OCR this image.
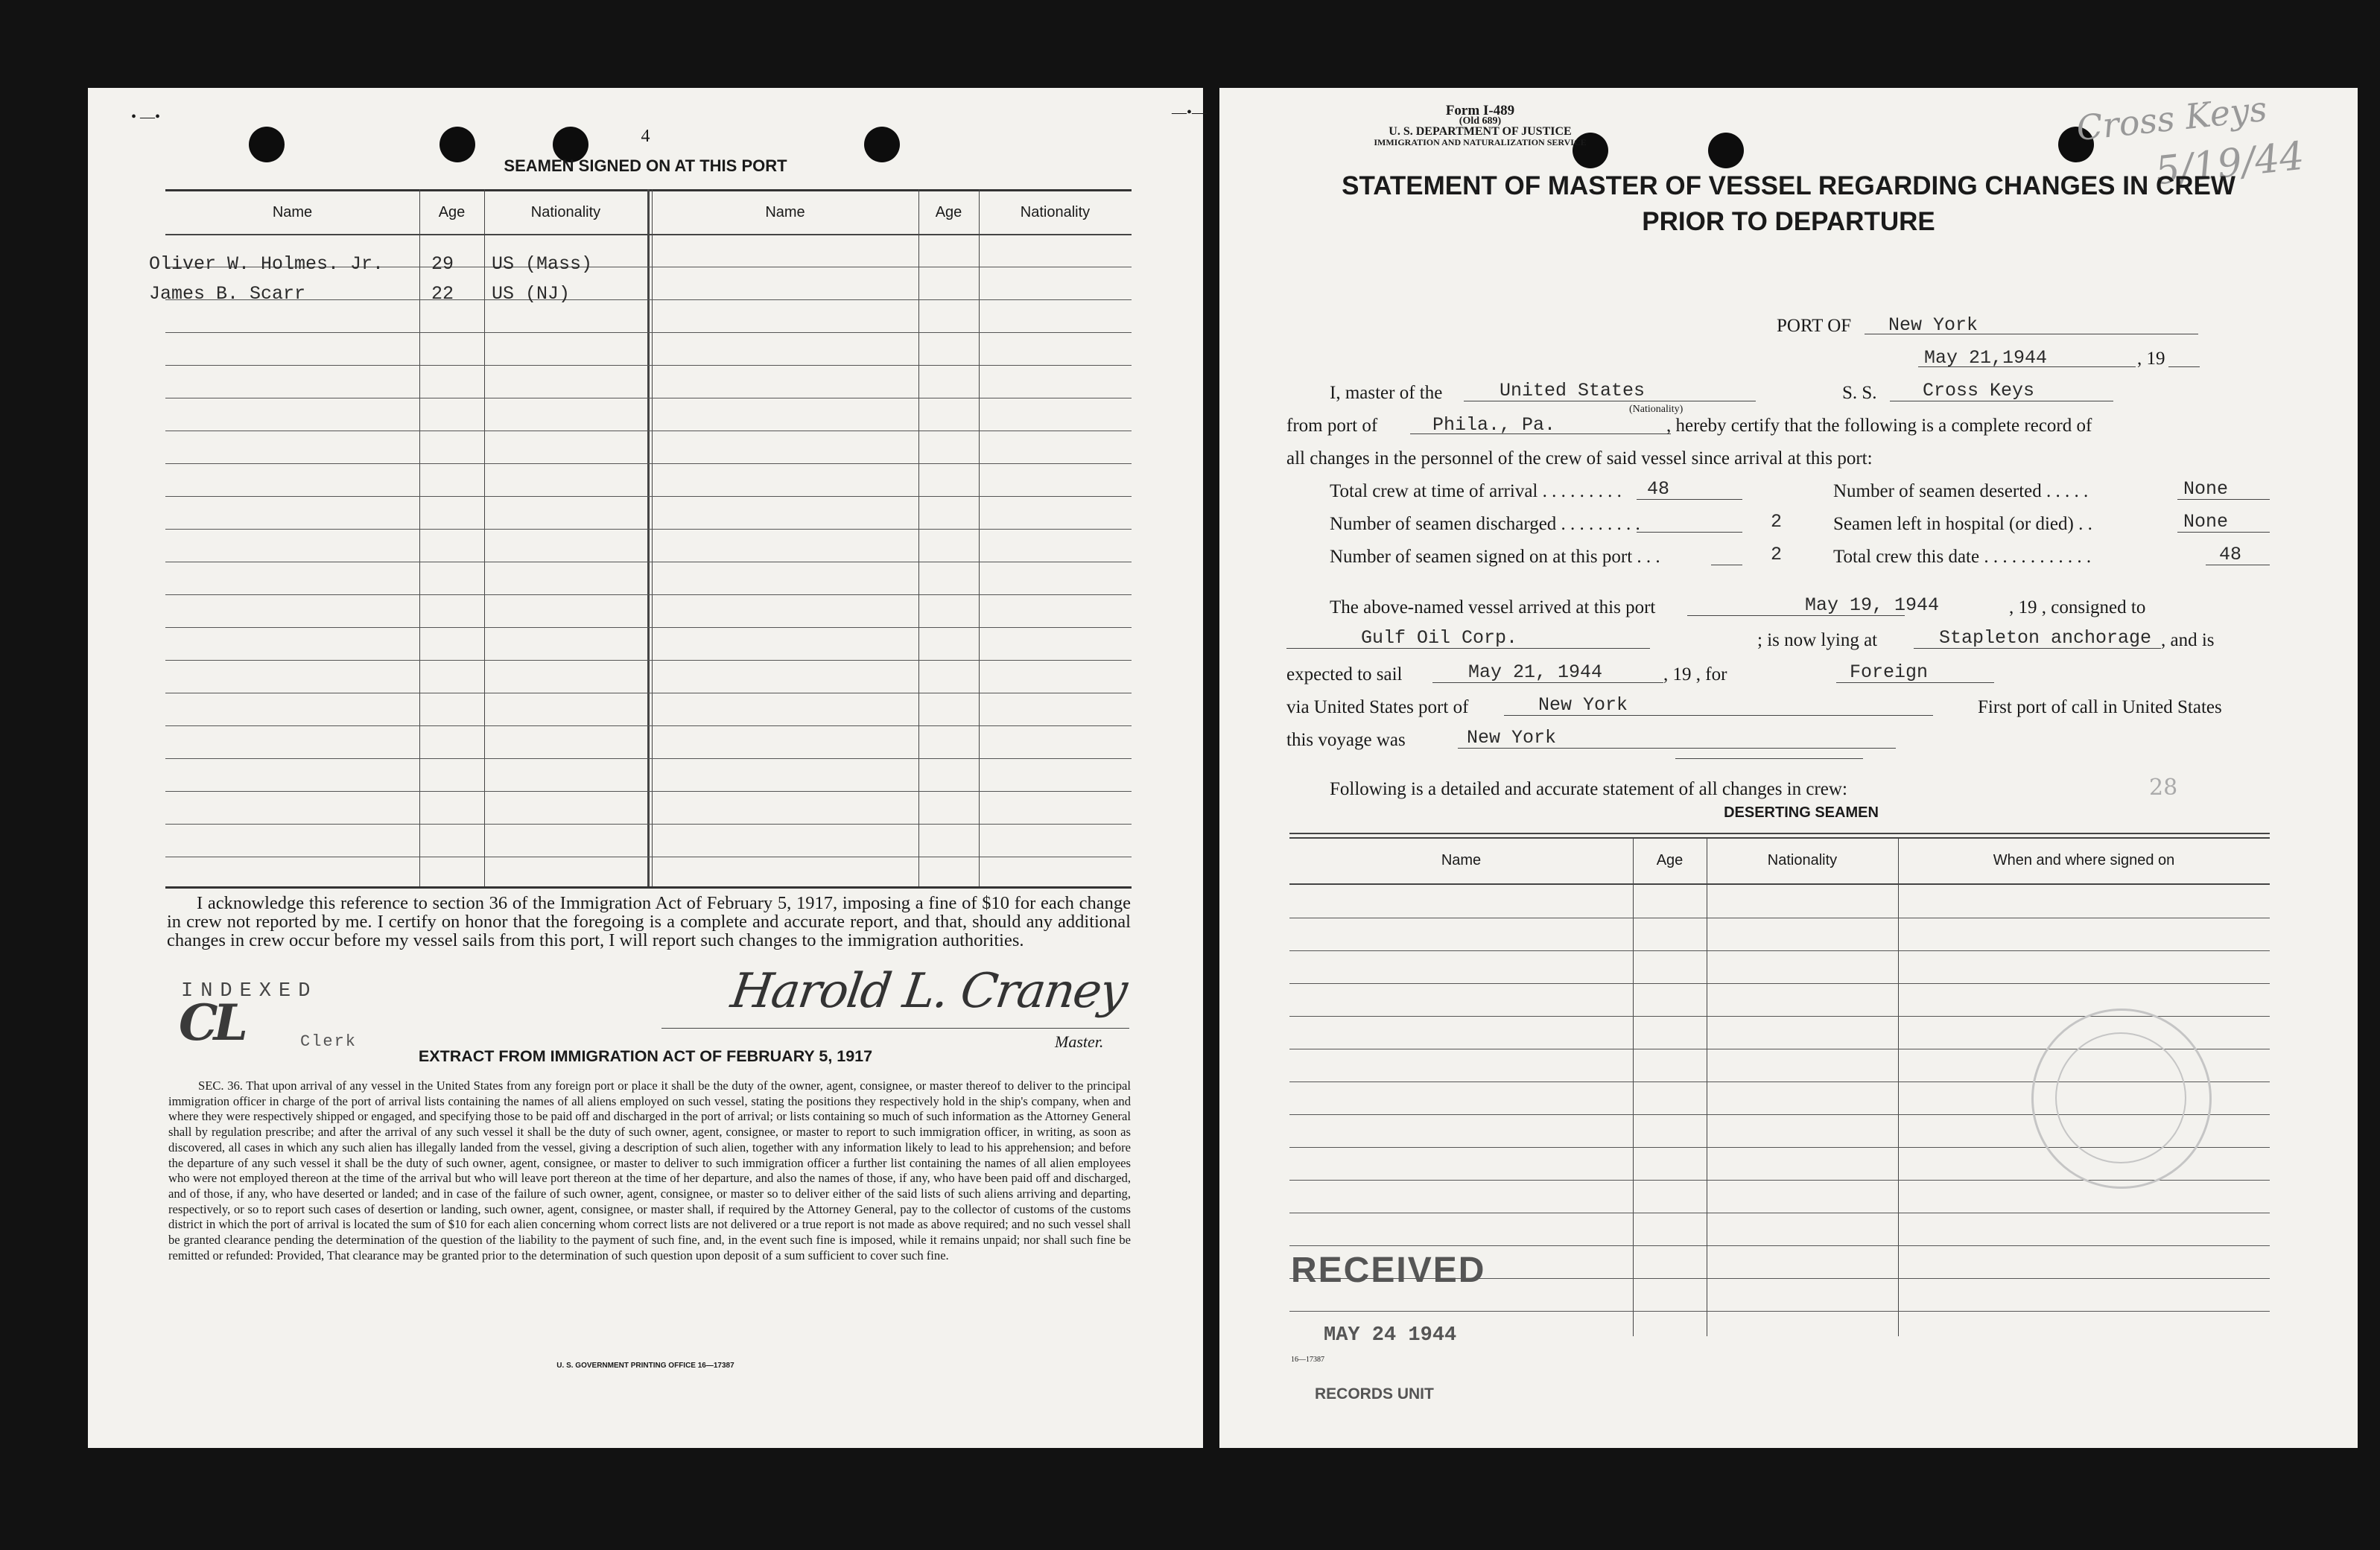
• —•
4
SEAMEN SIGNED ON AT THIS PORT
Name	Age	Nationality	Name	Age	Nationality
Oliver W. Holmes. Jr.	29 US (Mass)
James B. Scarr	22 US (NJ)
I acknowledge this reference to section 36 of the Immigration Act of February 5, 1917, imposing a fine of $10 for each change in crew not reported by me. I certify on honor that the foregoing is a complete and accurate report, and that, should any additional changes in crew occur before my vessel sails from this port, I will report such changes to the immigration authorities.
INDEXED
CL	Clerk
Harold L. Craney
Master.
EXTRACT FROM IMMIGRATION ACT OF FEBRUARY 5, 1917
SEC. 36. That upon arrival of any vessel in the United States from any foreign port or place it shall be the duty of the owner, agent, consignee, or master thereof to deliver to the principal immigration officer in charge of the port of arrival lists containing the names of all aliens employed on such vessel, stating the positions they respectively hold in the ship's company, when and where they were respectively shipped or engaged, and specifying those to be paid off and discharged in the port of arrival; or lists containing so much of such information as the Attorney General shall by regulation prescribe; and after the arrival of any such vessel it shall be the duty of such owner, agent, consignee, or master to report to such immigration officer, in writing, as soon as discovered, all cases in which any such alien has illegally landed from the vessel, giving a description of such alien, together with any information likely to lead to his apprehension; and before the departure of any such vessel it shall be the duty of such owner, agent, consignee, or master to deliver to such immigration officer a further list containing the names of all alien employees who were not employed thereon at the time of the arrival but who will leave port thereon at the time of her departure, and also the names of those, if any, who have been paid off and discharged, and of those, if any, who have deserted or landed; and in case of the failure of such owner, agent, consignee, or master so to deliver either of the said lists of such aliens arriving and departing, respectively, or so to report such cases of desertion or landing, such owner, agent, consignee, or master shall, if required by the Attorney General, pay to the collector of customs of the customs district in which the port of arrival is located the sum of $10 for each alien concerning whom correct lists are not delivered or a true report is not made as above required; and no such vessel shall be granted clearance pending the determination of the question of the liability to the payment of such fine, and, in the event such fine is imposed, while it remains unpaid; nor shall such fine be remitted or refunded: Provided, That clearance may be granted prior to the determination of such question upon deposit of a sum sufficient to cover such fine.
U. S. GOVERNMENT PRINTING OFFICE 16—17387
—•—	Form I-489
(Old 689)
U. S. DEPARTMENT OF JUSTICE
IMMIGRATION AND NATURALIZATION SERVICE	Cross Keys
5/19/44
STATEMENT OF MASTER OF VESSEL REGARDING CHANGES IN CREW
PRIOR TO DEPARTURE
PORT OF New York
May 21,1944	, 19
I, master of the	United States
(Nationality)
S. S. Cross Keys
from port of	Phila., Pa.	, hereby certify that the following is a complete record of
all changes in the personnel of the crew of said vessel since arrival at this port:
Total crew at time of arrival . . . . . . . . . 48
Number of seamen discharged . . . . . . . . .	2
Number of seamen signed on at this port . . .	2
Number of seamen deserted . . . . .	None
Seamen left in hospital (or died) . .	None
Total crew this date . . . . . . . . . . . .	48
The above-named vessel arrived at this port	May 19, 1944	, 19 , consigned to
Gulf Oil Corp.	; is now lying at	Stapleton anchorage , and is
expected to sail	May 21, 1944	, 19 , for	Foreign
via United States port of	New York	First port of call in United States
this voyage was	New York
Following is a detailed and accurate statement of all changes in crew:	28
DESERTING SEAMEN
Name	Age	Nationality	When and where signed on
RECEIVED
MAY 24 1944
16—17387
RECORDS UNIT
